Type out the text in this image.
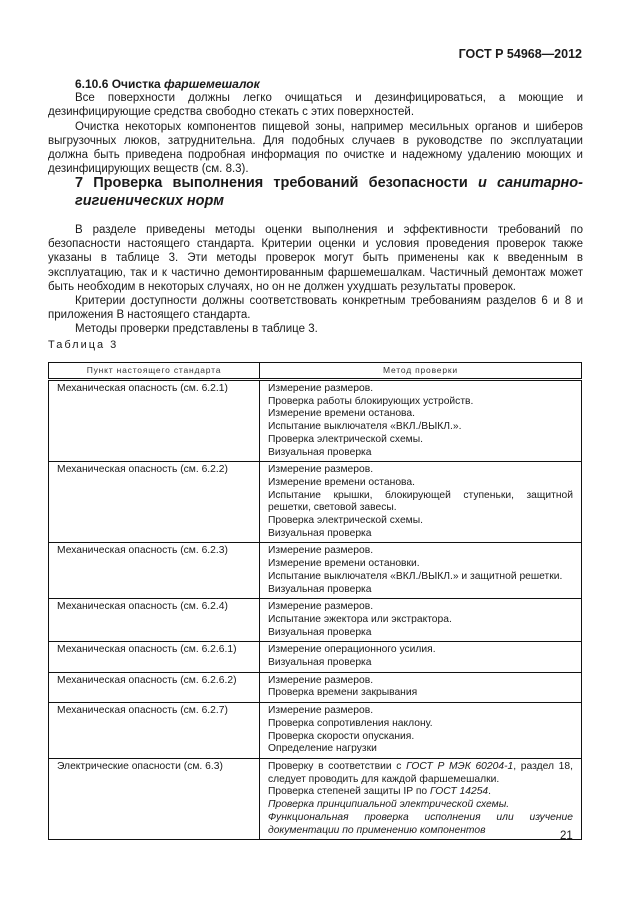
ГОСТ Р 54968—2012

6.10.6 Очистка фаршемешалок

Все поверхности должны легко очищаться и дезинфицироваться, а моющие и дезинфицирующие средства свободно стекать с этих поверхностей.

Очистка некоторых компонентов пищевой зоны, например месильных органов и шиберов выгрузочных люков, затруднительна. Для подобных случаев в руководстве по эксплуатации должна быть приведена подробная информация по очистке и надежному удалению моющих и дезинфицирующих веществ (см. 8.3).

7 Проверка выполнения требований безопасности и санитарно-гигиенических норм

В разделе приведены методы оценки выполнения и эффективности требований по безопасности настоящего стандарта. Критерии оценки и условия проведения проверок также указаны в таблице 3. Эти методы проверок могут быть применены как к введенным в эксплуатацию, так и к частично демонтированным фаршемешалкам. Частичный демонтаж может быть необходим в некоторых случаях, но он не должен ухудшать результаты проверок.

Критерии доступности должны соответствовать конкретным требованиям разделов 6 и 8 и приложения В настоящего стандарта.

Методы проверки представлены в таблице 3.

Таблица 3
Пункт настоящего стандарта	Метод проверки
Механическая опасность (см. 6.2.1)	Измерение размеров.
Проверка работы блокирующих устройств.
Измерение времени останова.
Испытание выключателя «ВКЛ./ВЫКЛ.».
Проверка электрической схемы.
Визуальная проверка

Механическая опасность (см. 6.2.2)	Измерение размеров.
Измерение времени останова.
Испытание крышки, блокирующей ступеньки, защитной решетки, световой завесы.
Проверка электрической схемы.
Визуальная проверка

Механическая опасность (см. 6.2.3)	Измерение размеров.
Измерение времени остановки.
Испытание выключателя «ВКЛ./ВЫКЛ.» и защитной решетки.
Визуальная проверка

Механическая опасность (см. 6.2.4)	Измерение размеров.
Испытание эжектора или экстрактора.
Визуальная проверка

Механическая опасность (см. 6.2.6.1)	Измерение операционного усилия.
Визуальная проверка

Механическая опасность (см. 6.2.6.2)	Измерение размеров.
Проверка времени закрывания

Механическая опасность (см. 6.2.7)	Измерение размеров.
Проверка сопротивления наклону.
Проверка скорости опускания.
Определение нагрузки

Электрические опасности (см. 6.3)	Проверку в соответствии с ГОСТ Р МЭК 60204-1, раздел 18, следует проводить для каждой фаршемешалки.
Проверка степеней защиты IP по ГОСТ 14254.
Проверка принципиальной электрической схемы.
Функциональная проверка исполнения или изучение документации по применению компонентов	21
